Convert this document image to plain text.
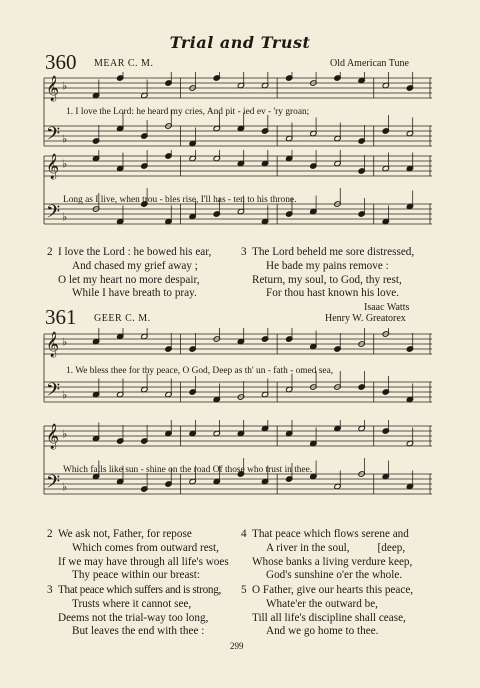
Trial and Trust
360 MEAR C. M.	Old American Tune
𝄞 ♭
𝄢 ♭
1. I love the Lord: he heard my cries, And pit - ied ev - 'ry groan;
𝄞 ♭
𝄢 ♭
Long as I live, when trou - bles rise, I'll has - ten to his throne.
2 I love the Lord : he bowed his ear,
And chased my grief away ;
O let my heart no more despair,
While I have breath to pray.
3 The Lord beheld me sore distressed,
He bade my pains remove :
Return, my soul, to God, thy rest,
For thou hast known his love.
Isaac Watts
361 GEER C. M.	Henry W. Greatorex
𝄞 ♭
𝄢 ♭
1. We bless thee for thy peace, O God, Deep as th' un - fath - omed sea,
𝄞 ♭
𝄢 ♭
Which falls like sun - shine on the road Of those who trust in thee.
2 We ask not, Father, for repose
Which comes from outward rest,
If we may have through all life's woes
Thy peace within our breast:
3 That peace which suffers and is strong,
Trusts where it cannot see,
Deems not the trial-way too long,
But leaves the end with thee :
4 That peace which flows serene and
A river in the soul,          [deep,
Whose banks a living verdure keep,
God's sunshine o'er the whole.
5 O Father, give our hearts this peace,
Whate'er the outward be,
Till all life's discipline shall cease,
And we go home to thee.
299
